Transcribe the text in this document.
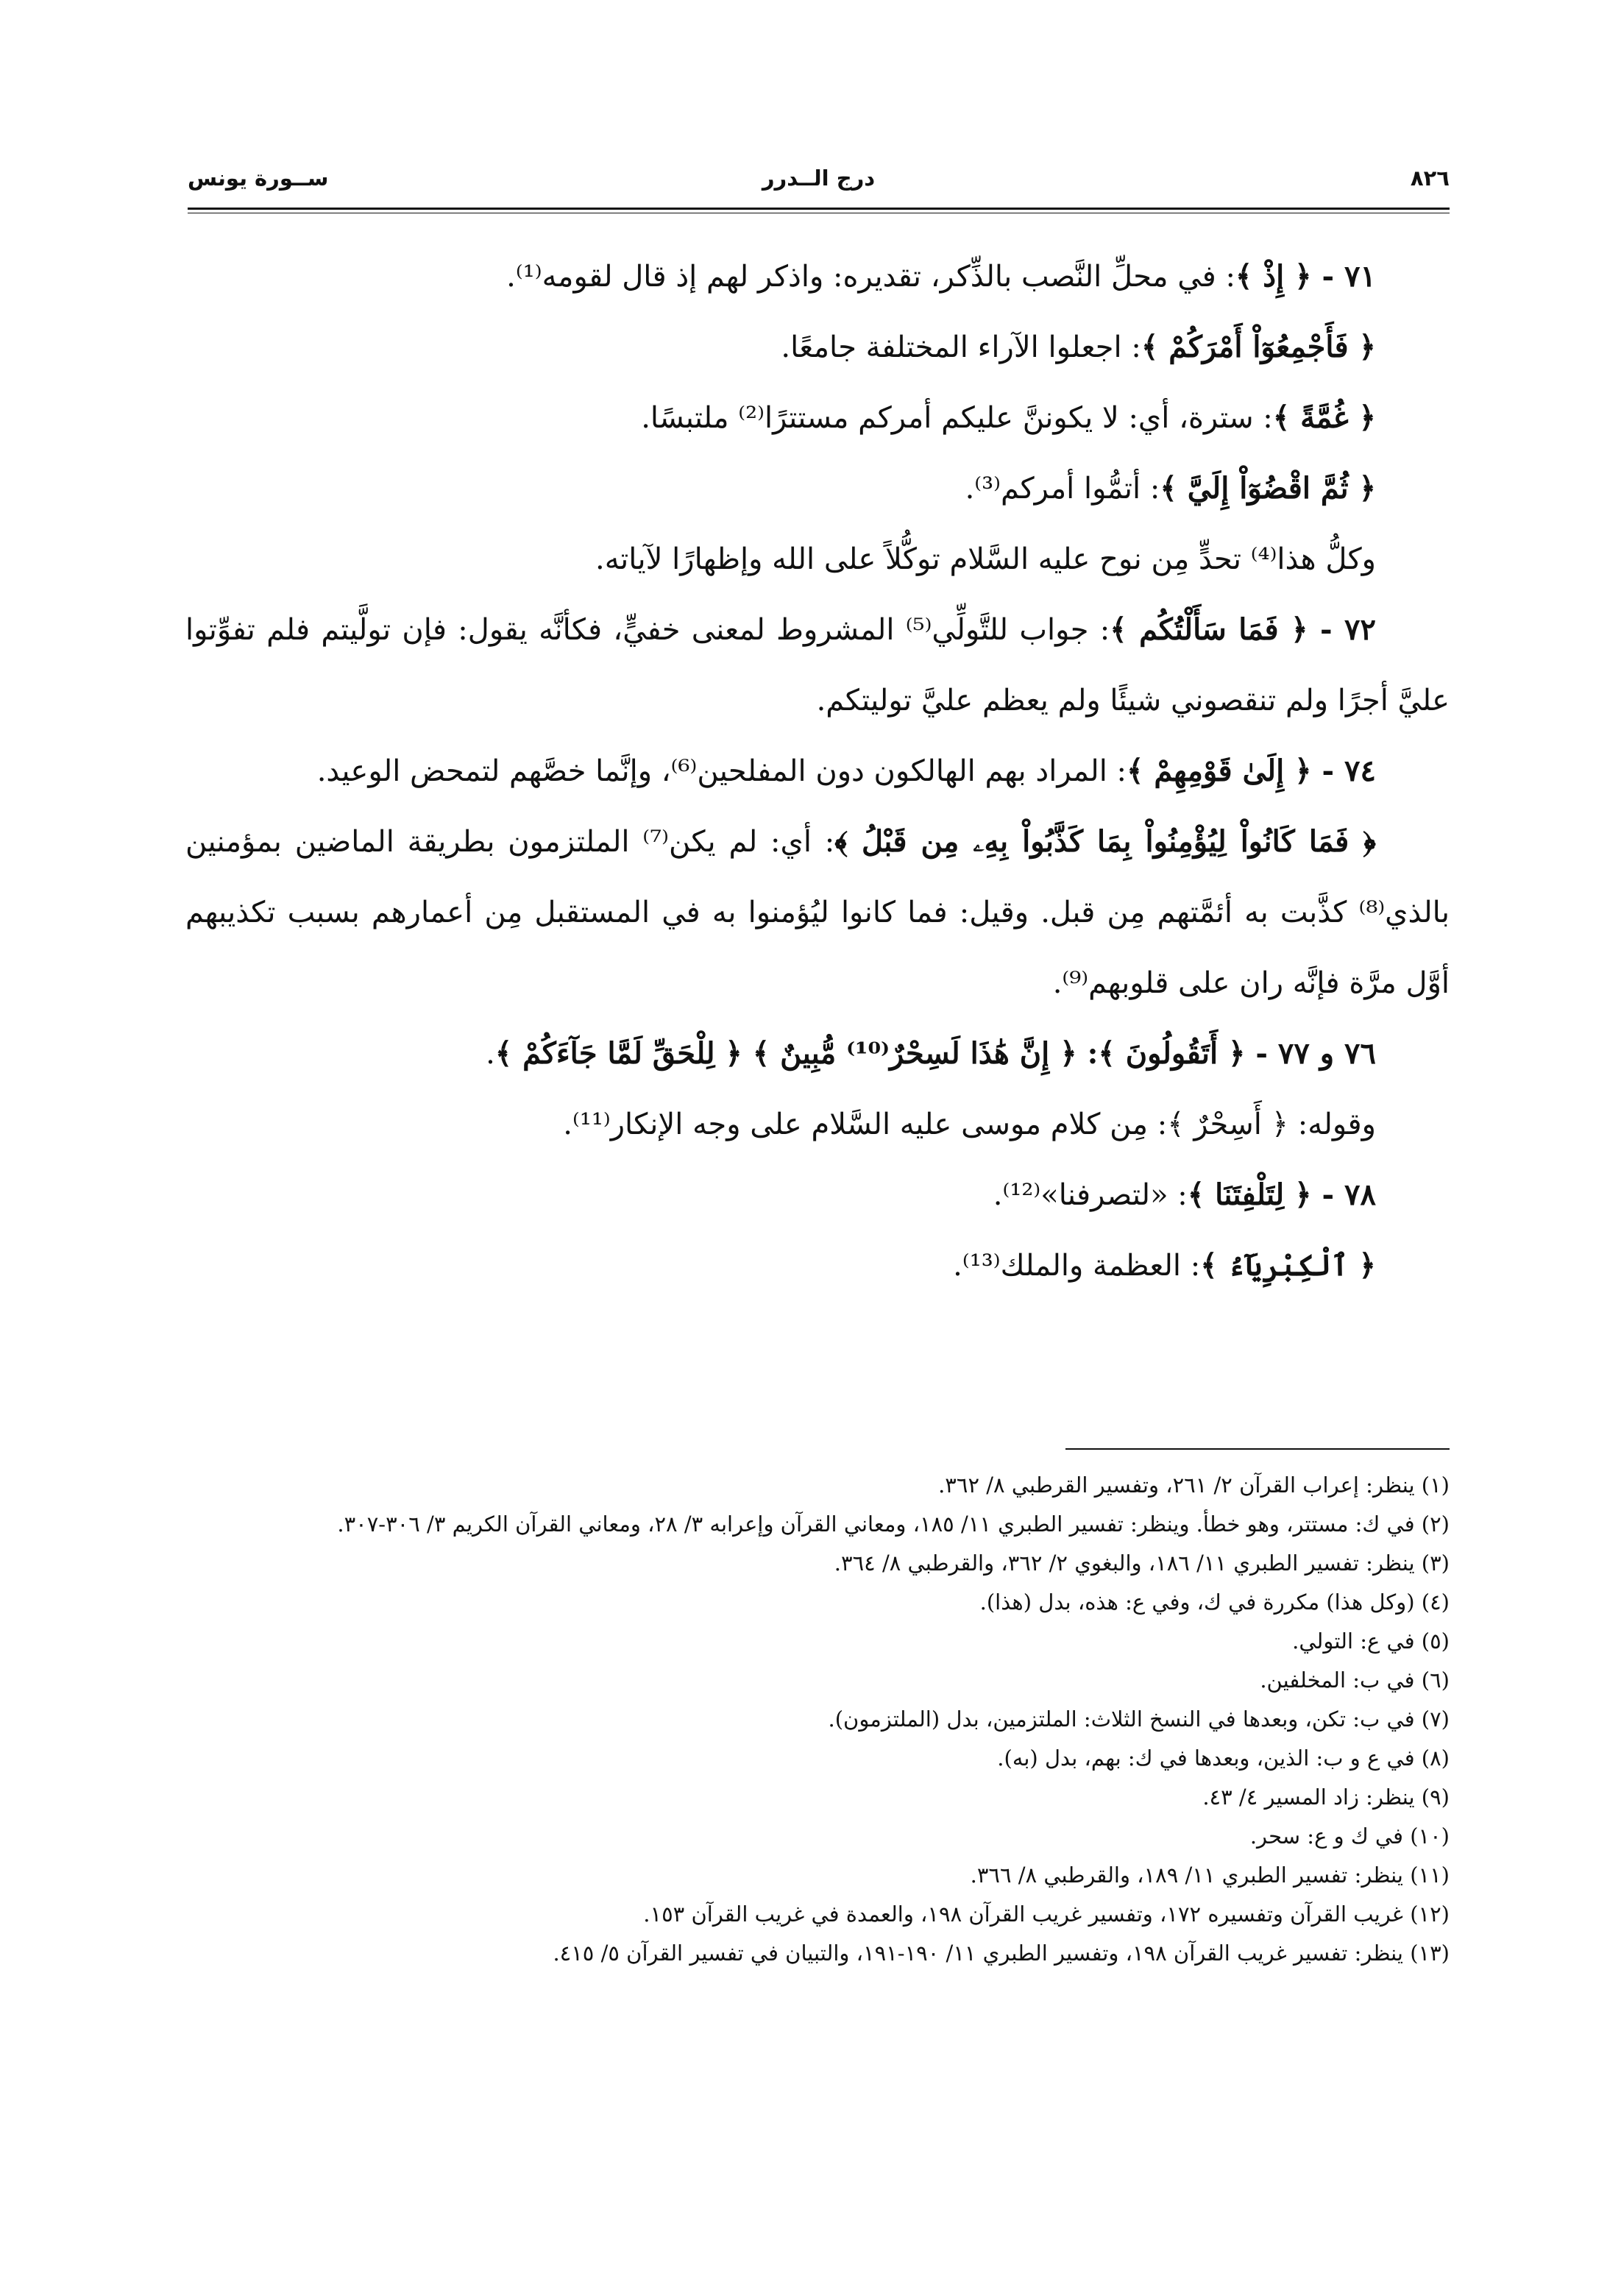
٨٢٦
درج الــدرر
ســورة يونس

٧١ - ﴿ إِذْ ﴾: في محلِّ النَّصب بالذِّكر، تقديره: واذكر لهم إذ قال لقومه⁽¹⁾.

﴿ فَأَجْمِعُوٓاْ أَمْرَكُمْ ﴾: اجعلوا الآراء المختلفة جامعًا.

﴿ غُمَّةً ﴾: سترة، أي: لا يكوننَّ عليكم أمركم مستترًا⁽²⁾ ملتبسًا.

﴿ ثُمَّ اقْضُوٓاْ إِلَيَّ ﴾: أتمُّوا أمركم⁽³⁾.

وكلُّ هذا⁽⁴⁾ تحدٍّ مِن نوح عليه السَّلام توكُّلاً على الله وإظهارًا لآياته.

٧٢ - ﴿ فَمَا سَأَلْتُكُم ﴾: جواب للتَّولِّي⁽⁵⁾ المشروط لمعنى خفيٍّ، فكأنَّه يقول: فإن تولَّيتم فلم تفوِّتوا عليَّ أجرًا ولم تنقصوني شيئًا ولم يعظم عليَّ توليتكم.

٧٤ - ﴿ إِلَىٰ قَوْمِهِمْ ﴾: المراد بهم الهالكون دون المفلحين⁽⁶⁾، وإنَّما خصَّهم لتمحض الوعيد.

﴿ فَمَا كَانُواْ لِيُؤْمِنُواْ بِمَا كَذَّبُواْ بِهِۦ مِن قَبْلُ ﴾: أي: لم يكن⁽⁷⁾ الملتزمون بطريقة الماضين بمؤمنين بالذي⁽⁸⁾ كذَّبت به أئمَّتهم مِن قبل. وقيل: فما كانوا ليُؤمنوا به في المستقبل مِن أعمارهم بسبب تكذيبهم أوَّل مرَّة فإنَّه ران على قلوبهم⁽⁹⁾.

٧٦ و ٧٧ - ﴿ أَتَقُولُونَ ﴾: ﴿ إِنَّ هَٰذَا لَسِحْرٌ⁽¹⁰⁾ مُّبِينٌ ﴾ ﴿ لِلْحَقِّ لَمَّا جَآءَكُمْ ﴾.

وقوله: ﴿ أَسِحْرٌ ﴾: مِن كلام موسى عليه السَّلام على وجه الإنكار⁽¹¹⁾.

٧٨ - ﴿ لِتَلْفِتَنَا ﴾: «لتصرفنا»⁽¹²⁾.

﴿ ٱلْكِبْرِيَآءُ ﴾: العظمة والملك⁽¹³⁾.

(١) ينظر: إعراب القرآن ٢/ ٢٦١، وتفسير القرطبي ٨/ ٣٦٢.

(٢) في ك: مستتر، وهو خطأ. وينظر: تفسير الطبري ١١/ ١٨٥، ومعاني القرآن وإعرابه ٣/ ٢٨، ومعاني القرآن الكريم ٣/ ٣٠٦-٣٠٧.

(٣) ينظر: تفسير الطبري ١١/ ١٨٦، والبغوي ٢/ ٣٦٢، والقرطبي ٨/ ٣٦٤.

(٤) (وكل هذا) مكررة في ك، وفي ع: هذه، بدل (هذا).

(٥) في ع: التولي.

(٦) في ب: المخلفين.

(٧) في ب: تكن، وبعدها في النسخ الثلاث: الملتزمين، بدل (الملتزمون).

(٨) في ع و ب: الذين، وبعدها في ك: بهم، بدل (به).

(٩) ينظر: زاد المسير ٤/ ٤٣.

(١٠) في ك و ع: سحر.

(١١) ينظر: تفسير الطبري ١١/ ١٨٩، والقرطبي ٨/ ٣٦٦.

(١٢) غريب القرآن وتفسيره ١٧٢، وتفسير غريب القرآن ١٩٨، والعمدة في غريب القرآن ١٥٣.

(١٣) ينظر: تفسير غريب القرآن ١٩٨، وتفسير الطبري ١١/ ١٩٠-١٩١، والتبيان في تفسير القرآن ٥/ ٤١٥.
